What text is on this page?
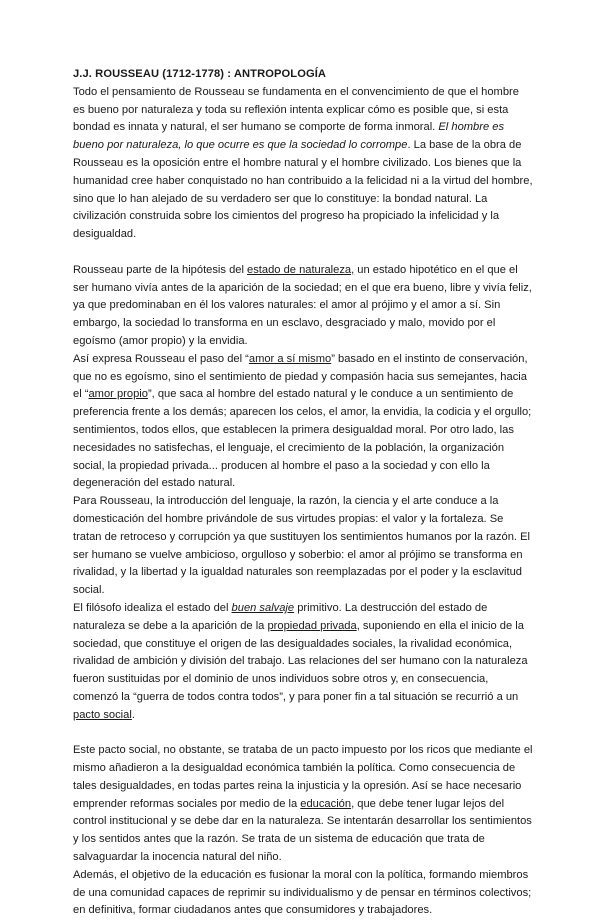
J.J. ROUSSEAU (1712-1778) : ANTROPOLOGÍA

Todo el pensamiento de Rousseau se fundamenta en el convencimiento de que el hombre es bueno por naturaleza y toda su reflexión intenta explicar cómo es posible que, si esta bondad es innata y natural, el ser humano se comporte de forma inmoral. El hombre es bueno por naturaleza, lo que ocurre es que la sociedad lo corrompe. La base de la obra de Rousseau es la oposición entre el hombre natural y el hombre civilizado. Los bienes que la humanidad cree haber conquistado no han contribuido a la felicidad ni a la virtud del hombre, sino que lo han alejado de su verdadero ser que lo constituye: la bondad natural. La civilización construida sobre los cimientos del progreso ha propiciado la infelicidad y la desigualdad.

Rousseau parte de la hipótesis del estado de naturaleza, un estado hipotético en el que el ser humano vivía antes de la aparición de la sociedad; en el que era bueno, libre y vivía feliz, ya que predominaban en él los valores naturales: el amor al prójimo y el amor a sí. Sin embargo, la sociedad lo transforma en un esclavo, desgraciado y malo, movido por el egoísmo (amor propio) y la envidia.

Así expresa Rousseau el paso del “amor a sí mismo” basado en el instinto de conservación, que no es egoísmo, sino el sentimiento de piedad y compasión hacia sus semejantes, hacia el “amor propio”, que saca al hombre del estado natural y le conduce a un sentimiento de preferencia frente a los demás; aparecen los celos, el amor, la envidia, la codicia y el orgullo; sentimientos, todos ellos, que establecen la primera desigualdad moral. Por otro lado, las necesidades no satisfechas, el lenguaje, el crecimiento de la población, la organización social, la propiedad privada... producen al hombre el paso a la sociedad y con ello la degeneración del estado natural.

Para Rousseau, la introducción del lenguaje, la razón, la ciencia y el arte conduce a la domesticación del hombre privándole de sus virtudes propias: el valor y la fortaleza. Se tratan de retroceso y corrupción ya que sustituyen los sentimientos humanos por la razón. El ser humano se vuelve ambicioso, orgulloso y soberbio: el amor al prójimo se transforma en rivalidad, y la libertad y la igualdad naturales son reemplazadas por el poder y la esclavitud social.

El filósofo idealiza el estado del buen salvaje primitivo. La destrucción del estado de naturaleza se debe a la aparición de la propiedad privada, suponiendo en ella el inicio de la sociedad, que constituye el origen de las desigualdades sociales, la rivalidad económica, rivalidad de ambición y división del trabajo. Las relaciones del ser humano con la naturaleza fueron sustituidas por el dominio de unos individuos sobre otros y, en consecuencia, comenzó la “guerra de todos contra todos”, y para poner fin a tal situación se recurrió a un pacto social.

Este pacto social, no obstante, se trataba de un pacto impuesto por los ricos que mediante el mismo añadieron a la desigualdad económica también la política. Como consecuencia de tales desigualdades, en todas partes reina la injusticia y la opresión. Así se hace necesario emprender reformas sociales por medio de la educación, que debe tener lugar lejos del control institucional y se debe dar en la naturaleza. Se intentarán desarrollar los sentimientos y los sentidos antes que la razón. Se trata de un sistema de educación que trata de salvaguardar la inocencia natural del niño.

Además, el objetivo de la educación es fusionar la moral con la política, formando miembros de una comunidad capaces de reprimir su individualismo y de pensar en términos colectivos; en definitiva, formar ciudadanos antes que consumidores y trabajadores.
